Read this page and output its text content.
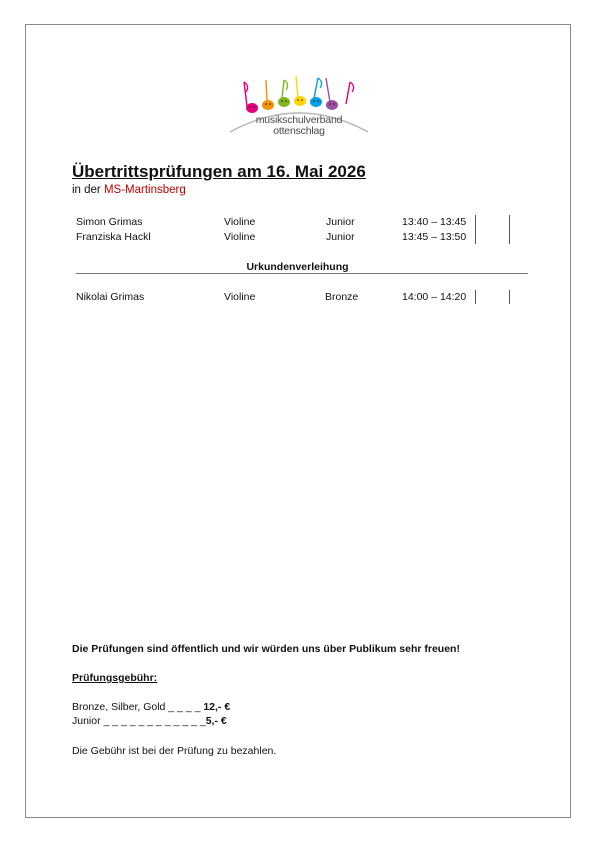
musikschulverband
ottenschlag
Übertrittsprüfungen am 16. Mai 2026
in der MS-Martinsberg
Simon Grimas	Violine	Junior	13:40 – 13:45
Franziska Hackl	Violine	Junior	13:45 – 13:50
Urkundenverleihung
Nikolai Grimas	Violine	Bronze	14:00 – 14:20
Die Prüfungen sind öffentlich und wir würden uns über Publikum sehr freuen!
Prüfungsgebühr:
Bronze, Silber, Gold _ _ _ _ 12,- €
Junior _ _ _ _ _ _ _ _ _ _ _ _5,- €
Die Gebühr ist bei der Prüfung zu bezahlen.
